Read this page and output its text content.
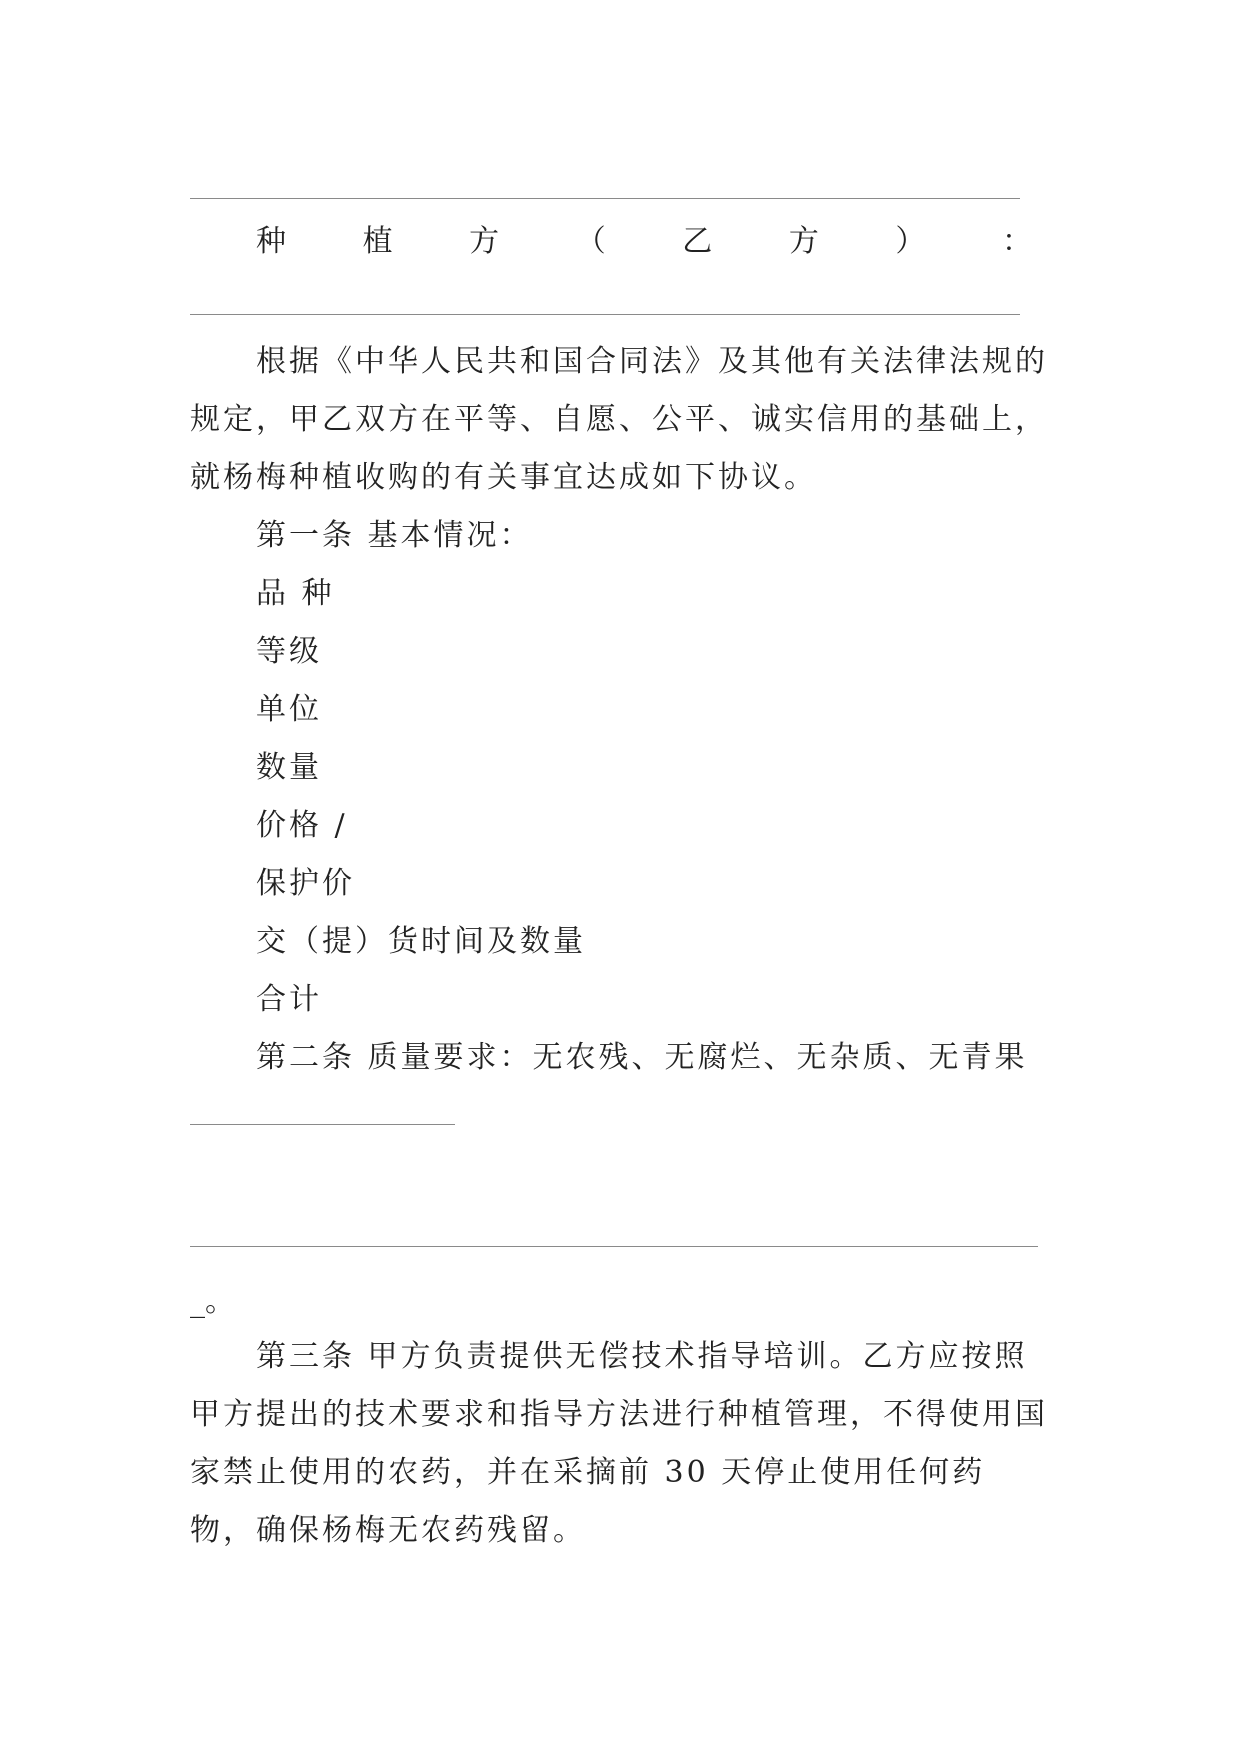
种	植	方	（	乙	方	）	：

根据《中华人民共和国合同法》及其他有关法律法规的规定，甲乙双方在平等、自愿、公平、诚实信用的基础上，就杨梅种植收购的有关事宜达成如下协议。

第一条 基本情况：
品 种
等级
单位
数量
价格 /
保护价
交（提）货时间及数量
合计
第二条 质量要求：无农残、无腐烂、无杂质、无青果
_。

第三条 甲方负责提供无偿技术指导培训。乙方应按照甲方提出的技术要求和指导方法进行种植管理，不得使用国家禁止使用的农药，并在采摘前 30 天停止使用任何药物，确保杨梅无农药残留。
